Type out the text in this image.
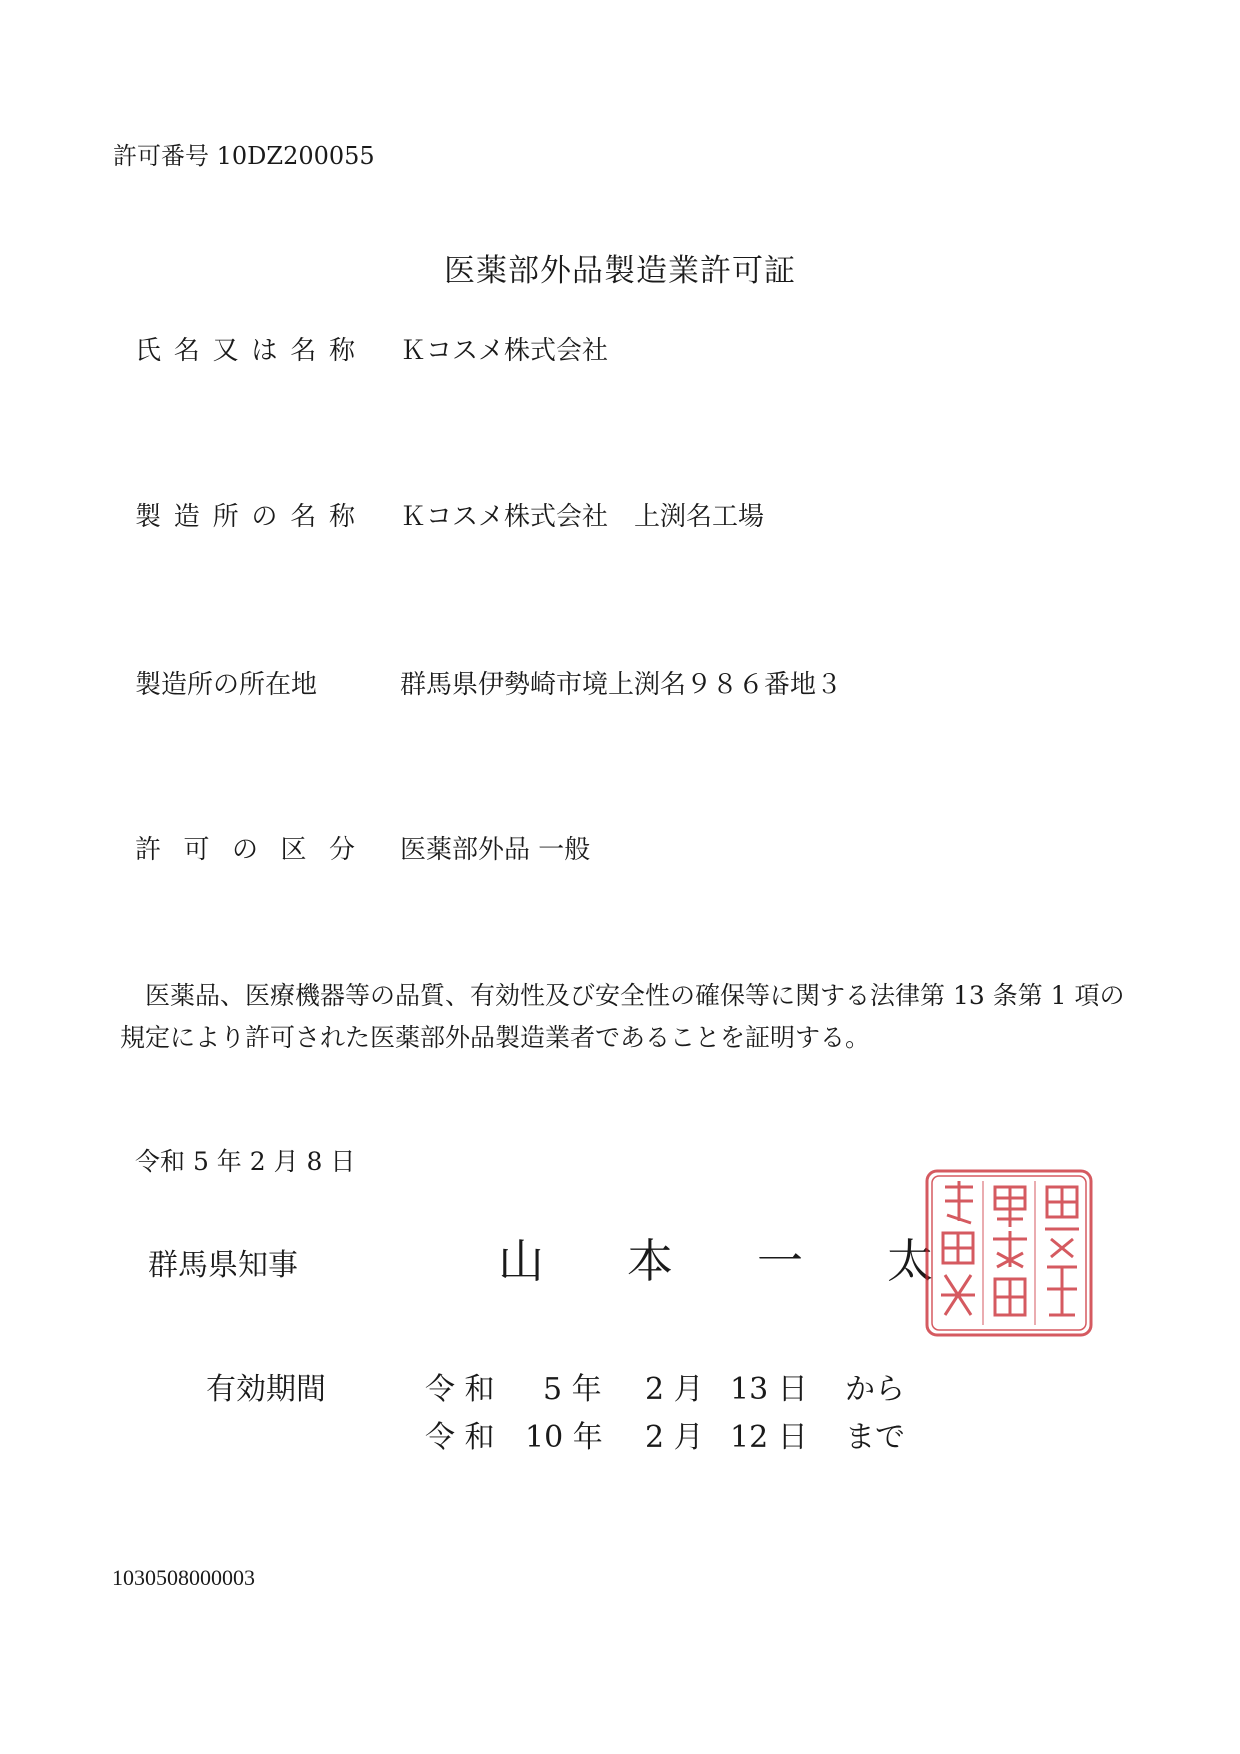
許可番号 10DZ200055
医薬部外品製造業許可証
氏 名 又 は 名 称 Ｋコスメ株式会社
製 造 所 の 名 称 Ｋコスメ株式会社　上渕名工場
製造所の所在地	群馬県伊勢崎市境上渕名９８６番地３
許 可 の 区 分 医薬部外品 一般
医薬品、医療機器等の品質、有効性及び安全性の確保等に関する法律第 13 条第 1 項の規定により許可された医薬部外品製造業者であることを証明する。
令和 5 年 2 月 8 日
群馬県知事	山 本 一 太
有効期間	令 和 5 年 2 月 13 日 から
令 和 10 年 2 月 12 日 まで
1030508000003
